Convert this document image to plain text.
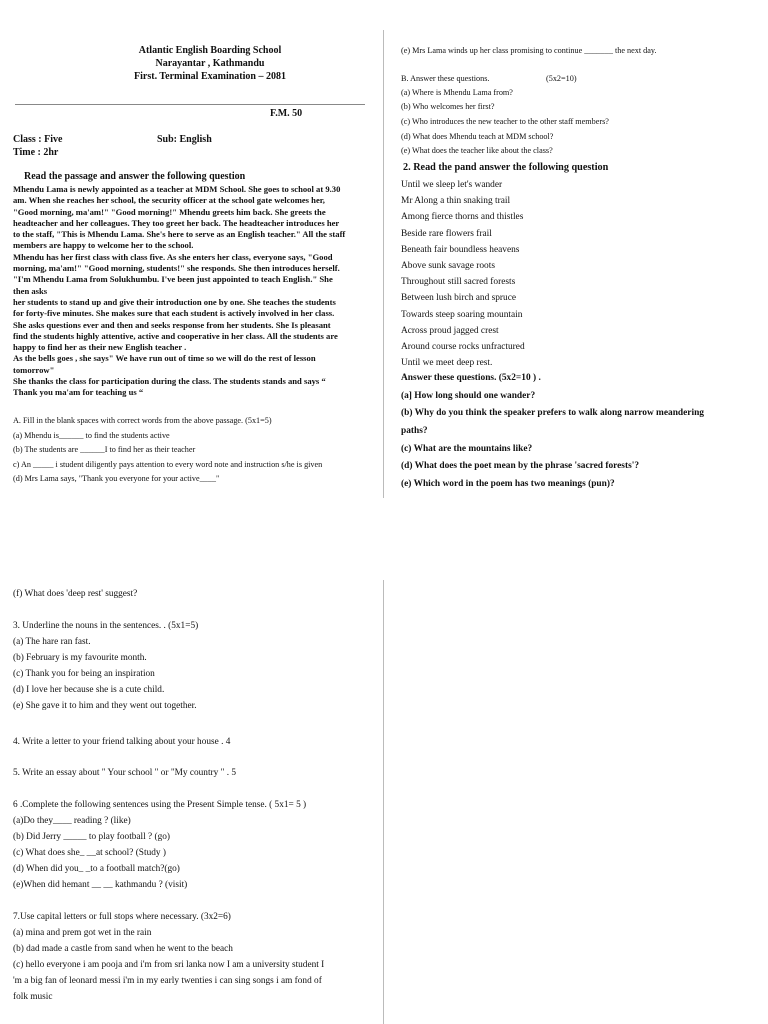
Atlantic English Boarding School
Narayantar , Kathmandu
First. Terminal Examination – 2081
F.M. 50
Class : Five	Sub: English
Time : 2hr
Read the passage and answer the following question
Mhendu Lama is newly appointed as a teacher at MDM School. She goes to school at 9.30
am. When she reaches her school, the security officer at the school gate welcomes her,
"Good morning, ma'am!" "Good morning!" Mhendu greets him back. She greets the
headteacher and her colleagues. They too greet her back. The headteacher introduces her
to the staff, "This is Mhendu Lama. She's here to serve as an English teacher." All the staff
members are happy to welcome her to the school.
Mhendu has her first class with class five. As she enters her class, everyone says, "Good
morning, ma'am!" "Good morning, students!" she responds. She then introduces herself.
"I'm Mhendu Lama from Solukhumbu. I've been just appointed to teach English." She
then asks
her students to stand up and give their introduction one by one. She teaches the students
for forty-five minutes. She makes sure that each student is actively involved in her class.
She asks questions ever and then and seeks response from her students. She Is pleasant
find the students highly attentive, active and cooperative in her class. All the students are
happy to find her as their new English teacher .
As the bells goes , she says" We have run out of time so we will do the rest of lesson
tomorrow"
She thanks the class for participation during the class. The students stands and says “
Thank you ma'am for teaching us “
A. Fill in the blank spaces with correct words from the above passage. (5x1=5)
(a) Mhendu is______ to find the students active
(b) The students are ______I to find her as their teacher
c) An _____ i student diligently pays attention to every word note and instruction s/he is given
(d) Mrs Lama says, "Thank you everyone for your active____"
(e) Mrs Lama winds up her class promising to continue _______ the next day.
B. Answer these questions.	(5x2=10)
(a) Where is Mhendu Lama from?
(b) Who welcomes her first?
(c) Who introduces the new teacher to the other staff members?
(d) What does Mhendu teach at MDM school?
(e) What does the teacher like about the class?
2. Read the pand answer the following question
Until we sleep let's wander
Mr Along a thin snaking trail
Among fierce thorns and thistles
Beside rare flowers frail
Beneath fair boundless heavens
Above sunk savage roots
Throughout still sacred forests
Between lush birch and spruce
Towards steep soaring mountain
Across proud jagged crest
Around course rocks unfractured
Until we meet deep rest.
Answer these questions. (5x2=10 ) .
(a] How long should one wander?
(b) Why do you think the speaker prefers to walk along narrow meandering
paths?
(c) What are the mountains like?
(d) What does the poet mean by the phrase 'sacred forests'?
(e) Which word in the poem has two meanings (pun)?
(f) What does 'deep rest' suggest?
3. Underline the nouns in the sentences. . (5x1=5)
(a) The hare ran fast.
(b) February is my favourite month.
(c) Thank you for being an inspiration
(d) I love her because she is a cute child.
(e) She gave it to him and they went out together.
4. Write a letter to your friend talking about your house . 4
5. Write an essay about " Your school " or "My country " . 5
6 .Complete the following sentences using the Present Simple tense. ( 5x1= 5 )
(a)Do they____ reading ? (like)
(b) Did Jerry _____ to play football ? (go)
(c) What does she_ __at school? (Study )
(d) When did you_ _to a football match?(go)
(e)When did hemant __ __ kathmandu ? (visit)
7.Use capital letters or full stops where necessary. (3x2=6)
(a) mina and prem got wet in the rain
(b) dad made a castle from sand when he went to the beach
(c) hello everyone i am pooja and i'm from sri lanka now I am a university student I
'm a big fan of leonard messi i'm in my early twenties i can sing songs i am fond of
folk music
